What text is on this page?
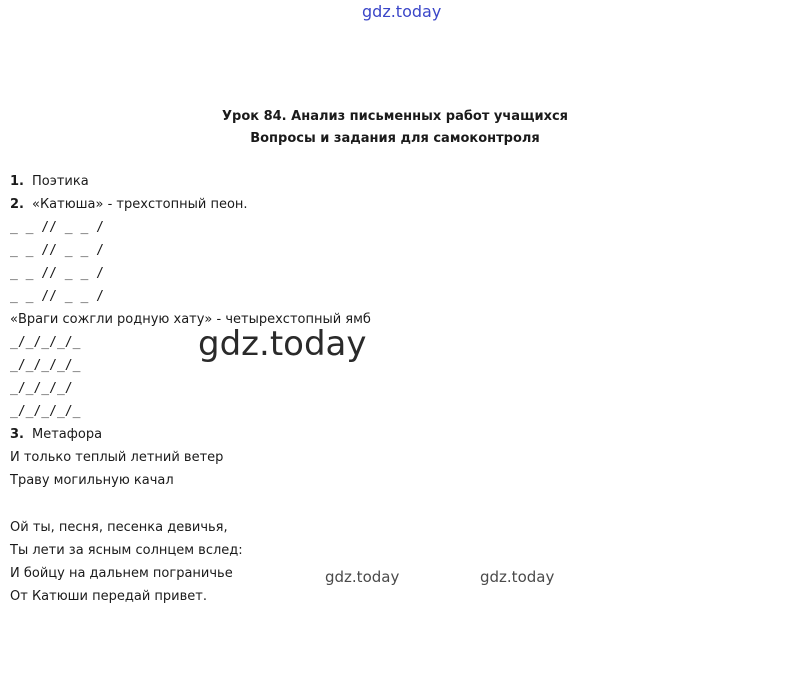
gdz.today
Урок 84. Анализ письменных работ учащихся
Вопросы и задания для самоконтроля
1. Поэтика
2. «Катюша» - трехстопный пеон.
_ _ // _ _ /
_ _ // _ _ /
_ _ // _ _ /
_ _ // _ _ /
«Враги сожгли родную хату» - четырехстопный ямб
_/_/_/_/_
_/_/_/_/_
_/_/_/_/
_/_/_/_/_
3. Метафора
И только теплый летний ветер
Траву могильную качал
Ой ты, песня, песенка девичья,
Ты лети за ясным солнцем вслед:
И бойцу на дальнем пограничье
От Катюши передай привет.
gdz.today
gdz.today	gdz.today
